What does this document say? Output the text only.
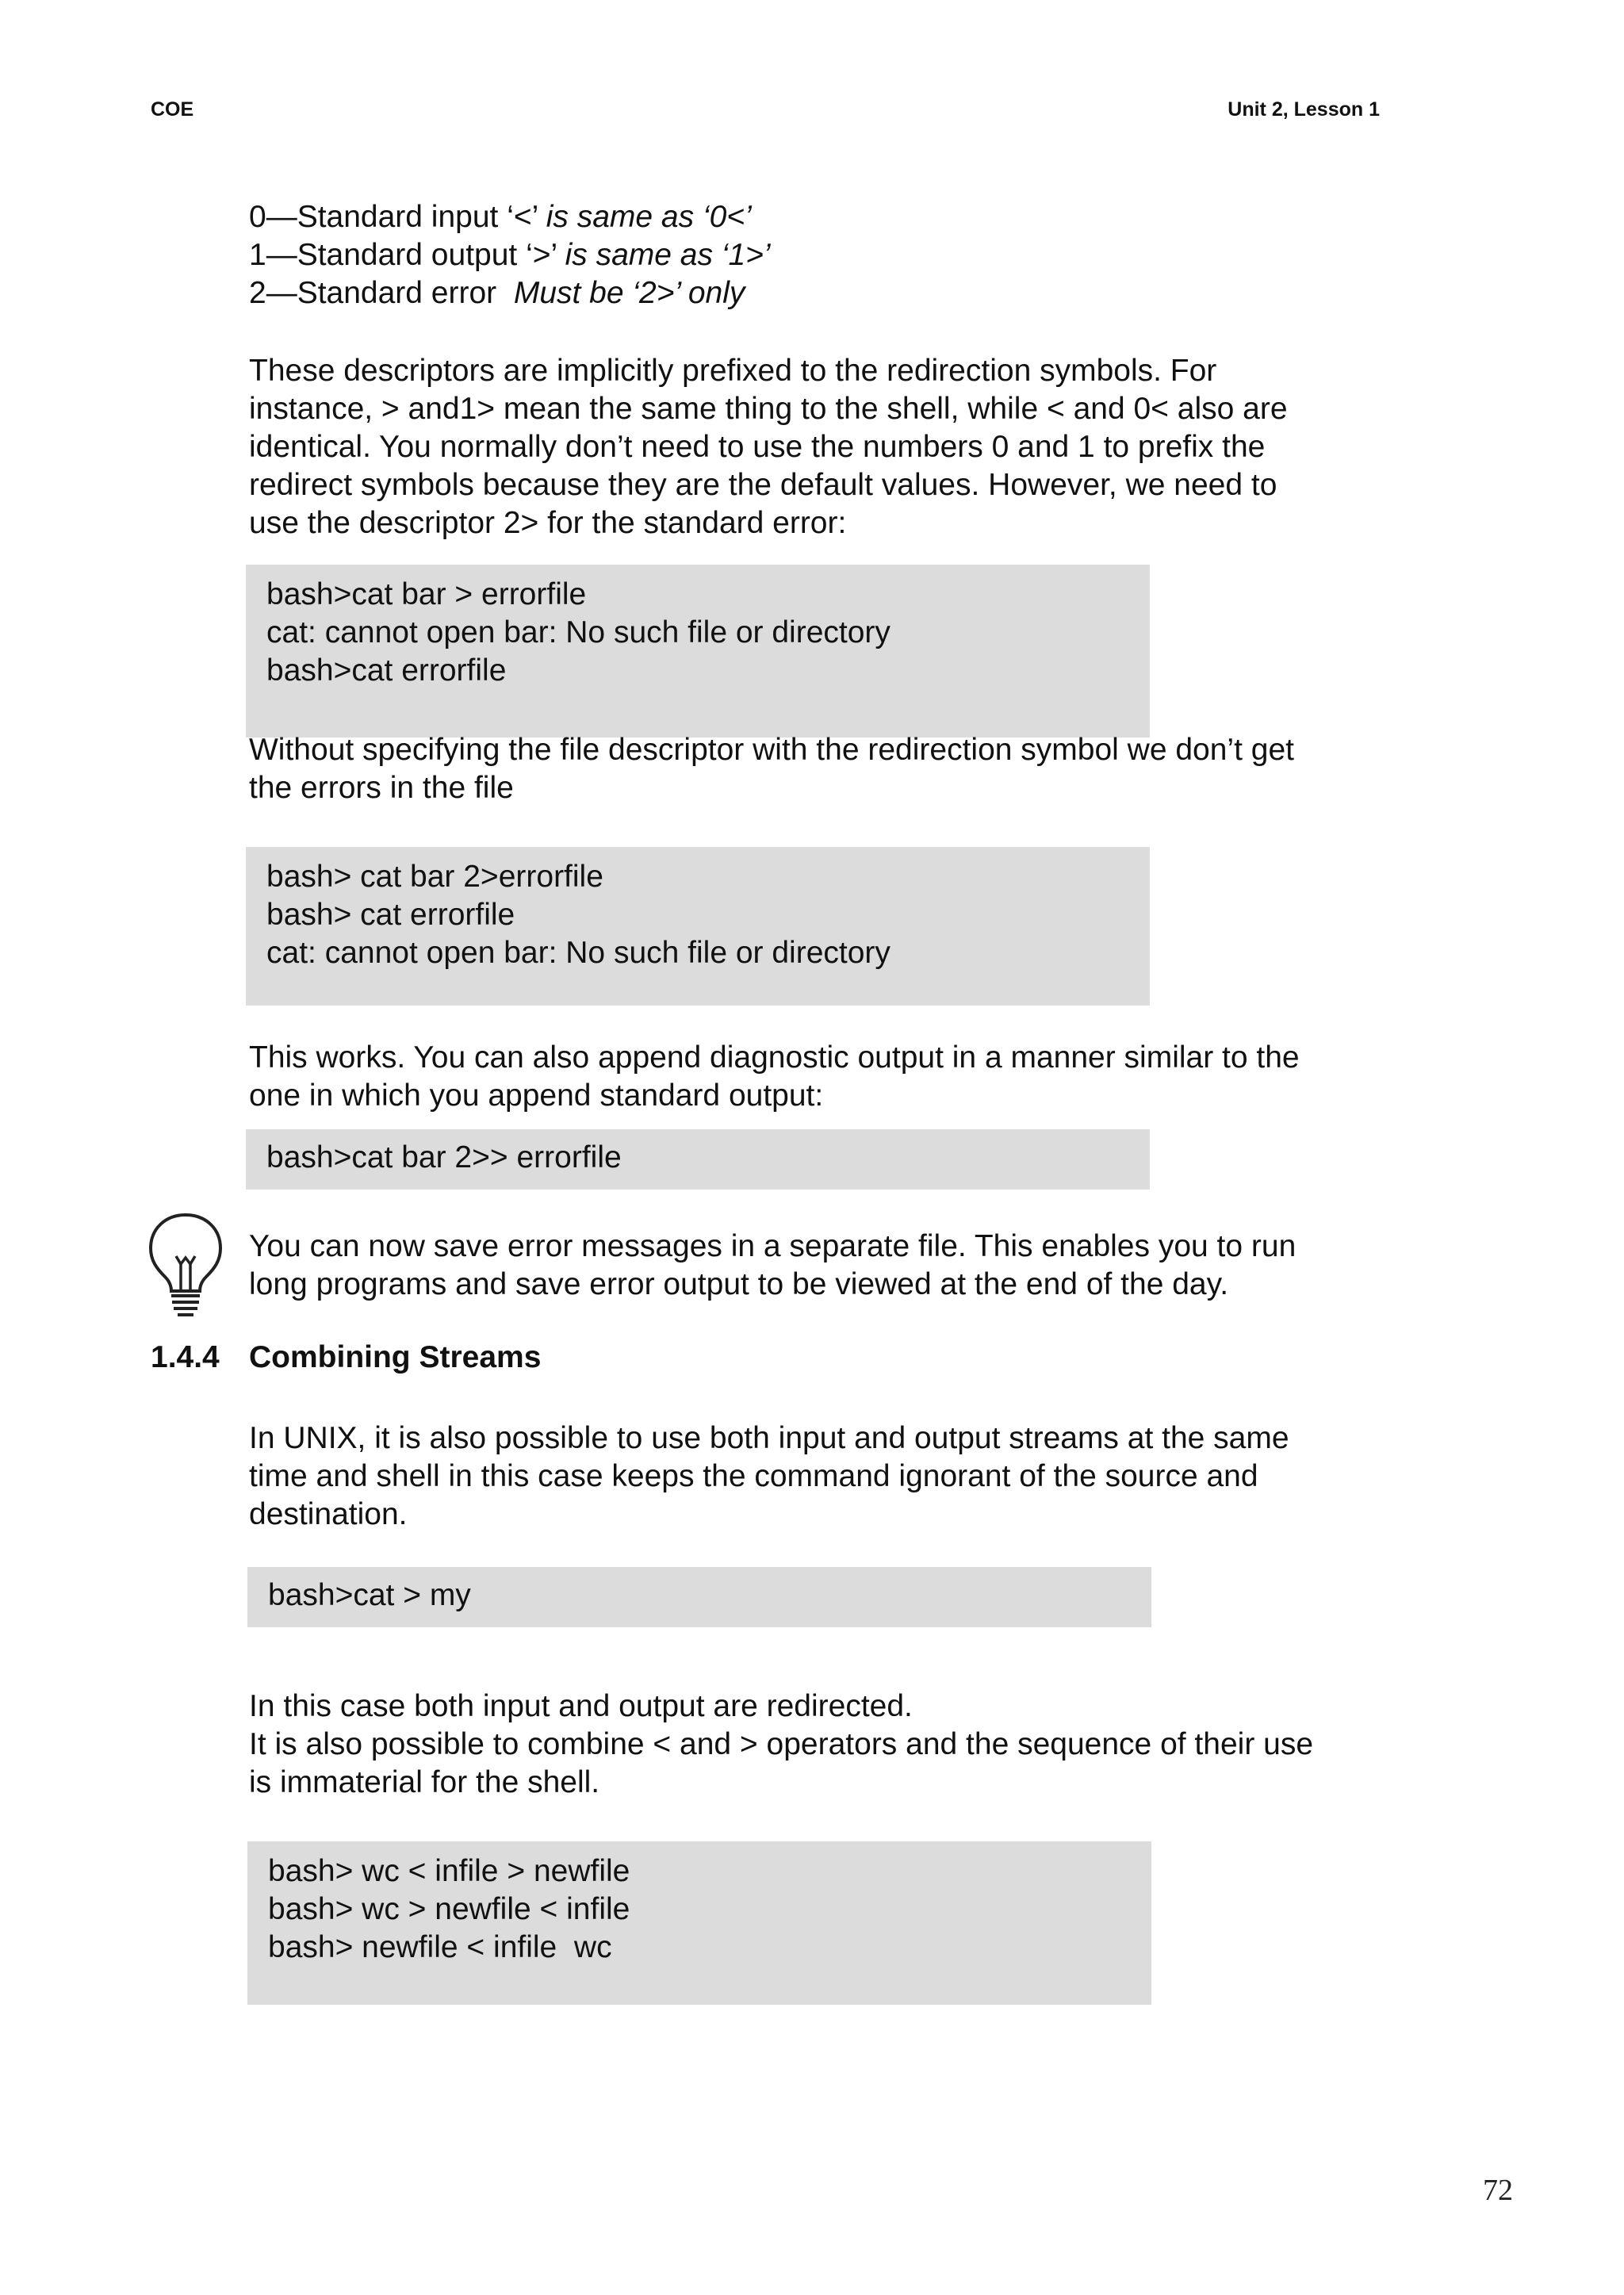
COE	Unit 2, Lesson 1
0—Standard input ‘<’ is same as ‘0<’
1—Standard output ‘>’ is same as ‘1>’
2—Standard error  Must be ‘2>’ only
These descriptors are implicitly prefixed to the redirection symbols. For
instance, > and1> mean the same thing to the shell, while < and 0< also are
identical. You normally don’t need to use the numbers 0 and 1 to prefix the
redirect symbols because they are the default values. However, we need to
use the descriptor 2> for the standard error:
bash>cat bar > errorfile
cat: cannot open bar: No such file or directory
bash>cat errorfile
Without specifying the file descriptor with the redirection symbol we don’t get
the errors in the file
bash> cat bar 2>errorfile
bash> cat errorfile
cat: cannot open bar: No such file or directory
This works. You can also append diagnostic output in a manner similar to the
one in which you append standard output:
bash>cat bar 2>> errorfile
You can now save error messages in a separate file. This enables you to run
long programs and save error output to be viewed at the end of the day.
1.4.4 Combining Streams
In UNIX, it is also possible to use both input and output streams at the same
time and shell in this case keeps the command ignorant of the source and
destination.
bash>cat > my
In this case both input and output are redirected.
It is also possible to combine < and > operators and the sequence of their use
is immaterial for the shell.
bash> wc < infile > newfile
bash> wc > newfile < infile
bash> newfile < infile  wc
72
